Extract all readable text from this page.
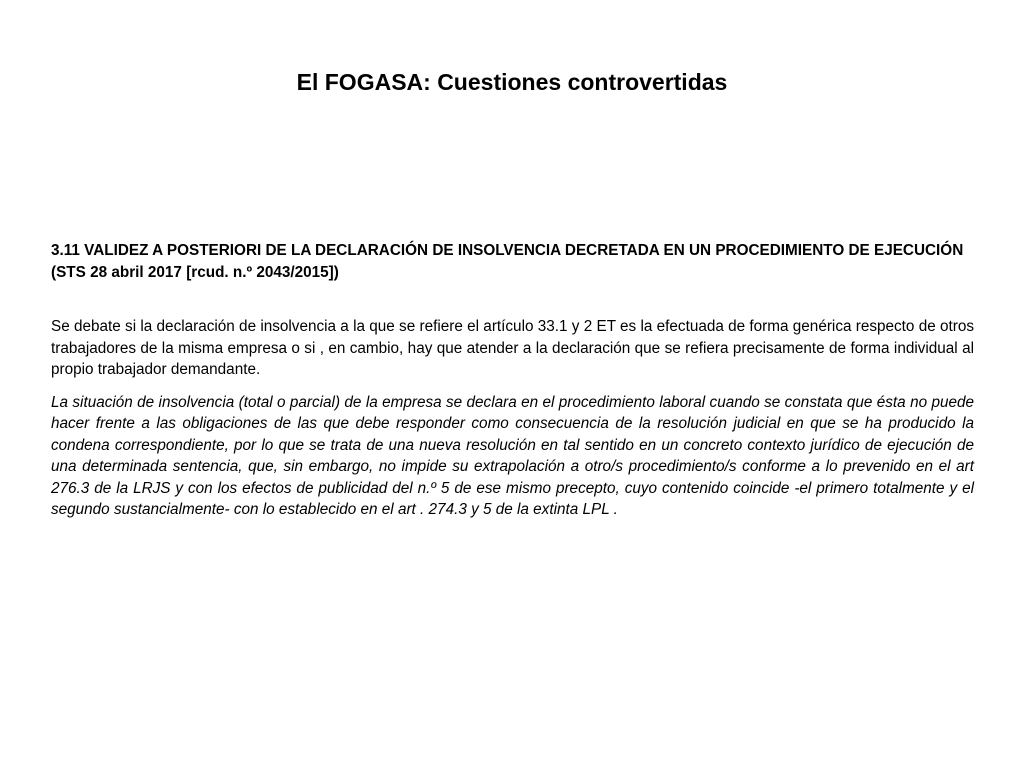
El FOGASA: Cuestiones controvertidas

3.11 VALIDEZ A POSTERIORI DE LA DECLARACIÓN DE INSOLVENCIA DECRETADA EN UN PROCEDIMIENTO DE EJECUCIÓN (STS 28 abril 2017 [rcud. n.º 2043/2015])

Se debate si la declaración de insolvencia a la que se refiere el artículo 33.1 y 2 ET es la efectuada de forma genérica respecto de otros trabajadores de la misma empresa o si , en cambio, hay que atender a la declaración que se refiera precisamente de forma individual al propio trabajador demandante.

La situación de insolvencia (total o parcial) de la empresa se declara en el procedimiento laboral cuando se constata que ésta no puede hacer frente a las obligaciones de las que debe responder como consecuencia de la resolución judicial en que se ha producido la condena correspondiente, por lo que se trata de una nueva resolución en tal sentido en un concreto contexto jurídico de ejecución de una determinada sentencia, que, sin embargo, no impide su extrapolación a otro/s procedimiento/s conforme a lo prevenido en el art 276.3 de la LRJS y con los efectos de publicidad del n.º 5 de ese mismo precepto, cuyo contenido coincide -el primero totalmente y el segundo sustancialmente- con lo establecido en el art . 274.3 y 5 de la extinta LPL .
